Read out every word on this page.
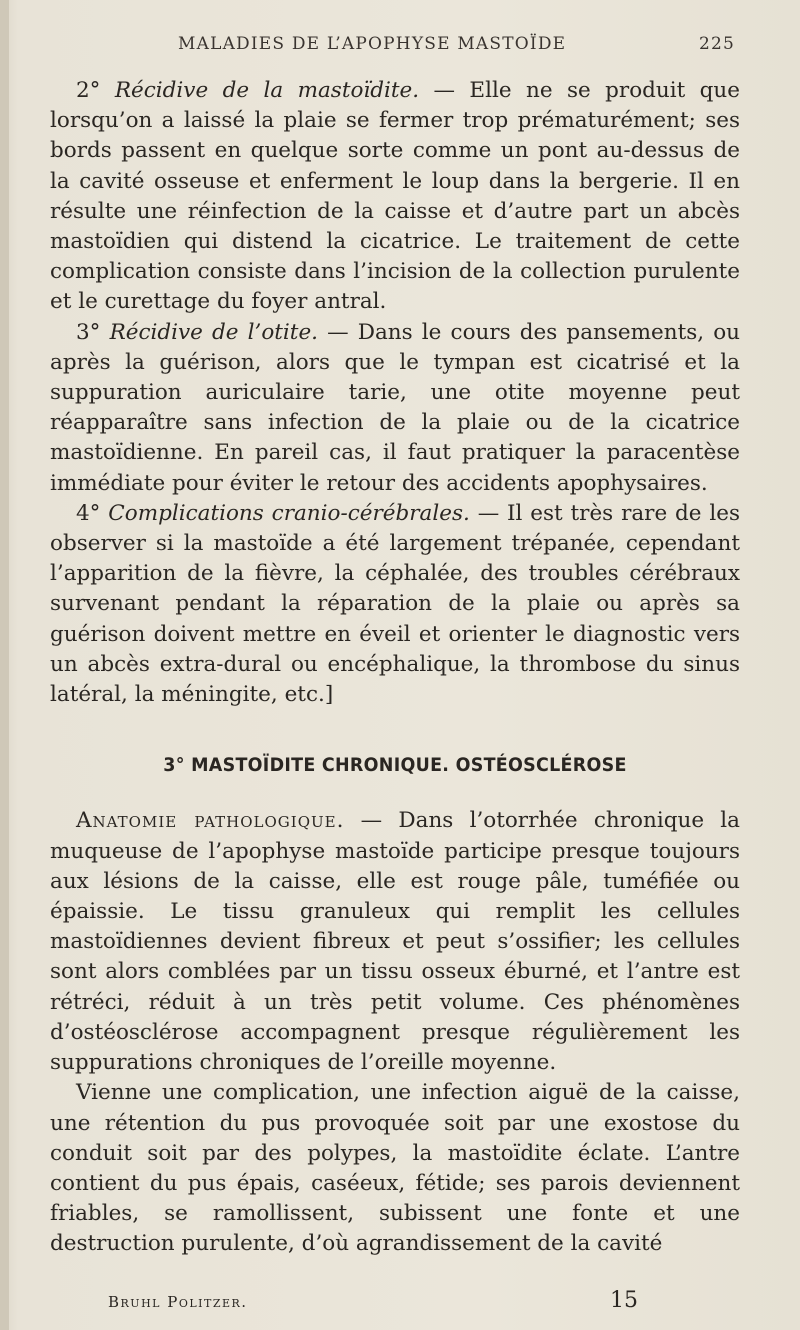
MALADIES DE L’APOPHYSE MASTOÏDE	225

2° Récidive de la mastoïdite. — Elle ne se produit que lorsqu’on a laissé la plaie se fermer trop prématurément; ses bords passent en quelque sorte comme un pont au-dessus de la cavité osseuse et enferment le loup dans la bergerie. Il en résulte une réinfection de la caisse et d’autre part un abcès mastoïdien qui distend la cicatrice. Le traitement de cette complication consiste dans l’incision de la collection purulente et le curettage du foyer antral.

3° Récidive de l’otite. — Dans le cours des pansements, ou après la guérison, alors que le tympan est cicatrisé et la suppuration auriculaire tarie, une otite moyenne peut réapparaître sans infection de la plaie ou de la cicatrice mastoïdienne. En pareil cas, il faut pratiquer la paracentèse immédiate pour éviter le retour des accidents apophysaires.

4° Complications cranio-cérébrales. — Il est très rare de les observer si la mastoïde a été largement trépanée, cependant l’apparition de la fièvre, la céphalée, des troubles cérébraux survenant pendant la réparation de la plaie ou après sa guérison doivent mettre en éveil et orienter le diagnostic vers un abcès extra-dural ou encéphalique, la thrombose du sinus latéral, la méningite, etc.]

3° MASTOÏDITE CHRONIQUE. OSTÉOSCLÉROSE

Anatomie pathologique. — Dans l’otorrhée chronique la muqueuse de l’apophyse mastoïde participe presque toujours aux lésions de la caisse, elle est rouge pâle, tuméfiée ou épaissie. Le tissu granuleux qui remplit les cellules mastoïdiennes devient fibreux et peut s’ossifier; les cellules sont alors comblées par un tissu osseux éburné, et l’antre est rétréci, réduit à un très petit volume. Ces phénomènes d’ostéosclérose accompagnent presque régulièrement les suppurations chroniques de l’oreille moyenne.

Vienne une complication, une infection aiguë de la caisse, une rétention du pus provoquée soit par une exostose du conduit soit par des polypes, la mastoïdite éclate. L’antre contient du pus épais, caséeux, fétide; ses parois deviennent friables, se ramollissent, subissent une fonte et une destruction purulente, d’où agrandissement de la cavité

Bruhl Politzer.	15
